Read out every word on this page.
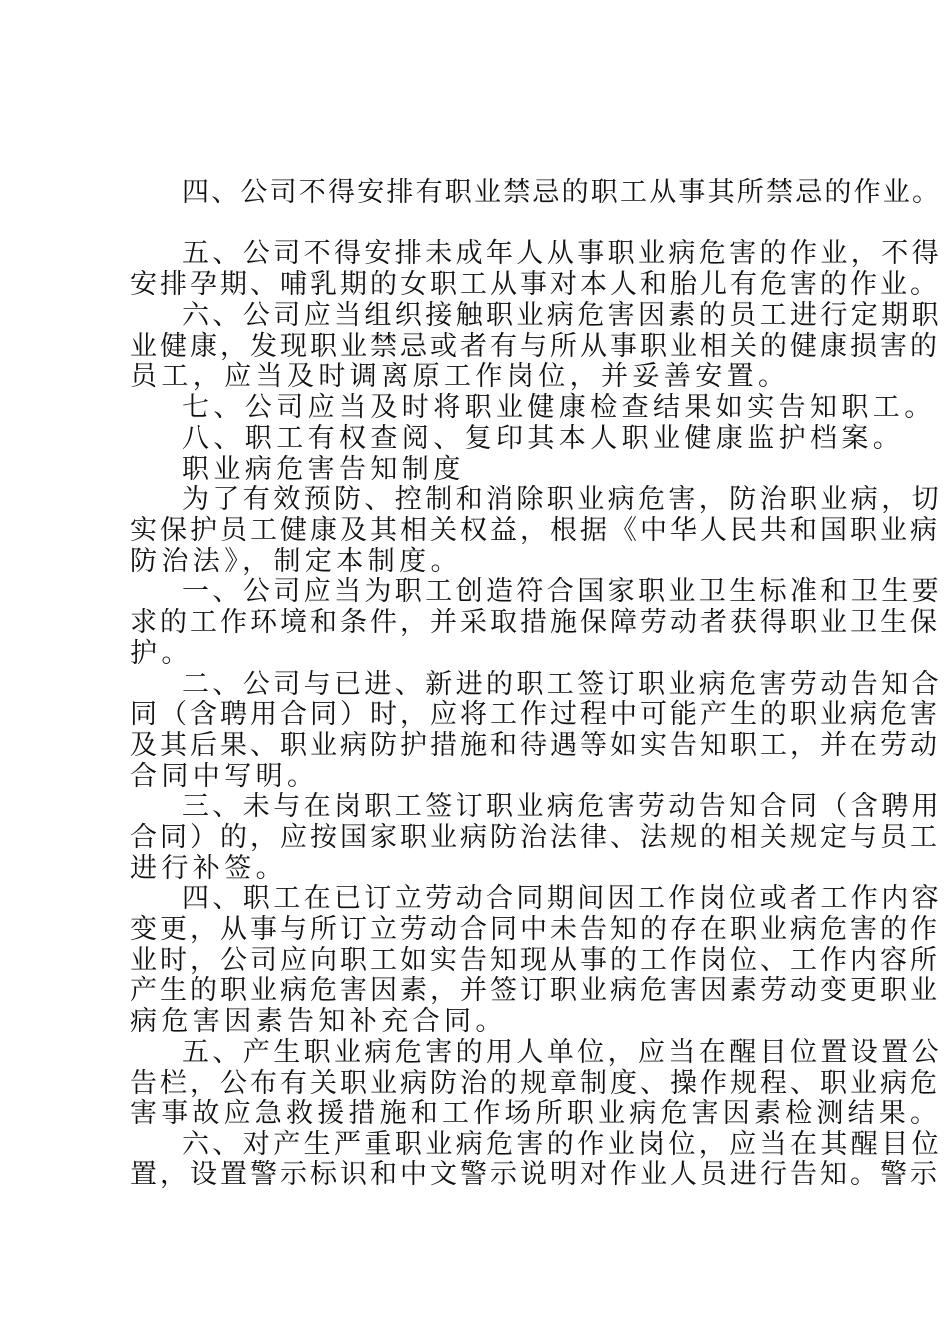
四、公司不得安排有职业禁忌的职工从事其所禁忌的作业。

五、公司不得安排未成年人从事职业病危害的作业，不得

安排孕期、哺乳期的女职工从事对本人和胎儿有危害的作业。

六、公司应当组织接触职业病危害因素的员工进行定期职

业健康，发现职业禁忌或者有与所从事职业相关的健康损害的

员工，应当及时调离原工作岗位，并妥善安置。

七、公司应当及时将职业健康检查结果如实告知职工。

八、职工有权查阅、复印其本人职业健康监护档案。

职业病危害告知制度

为了有效预防、控制和消除职业病危害，防治职业病，切

实保护员工健康及其相关权益，根据《中华人民共和国职业病

防治法》，制定本制度。

一、公司应当为职工创造符合国家职业卫生标准和卫生要

求的工作环境和条件，并采取措施保障劳动者获得职业卫生保

护。

二、公司与已进、新进的职工签订职业病危害劳动告知合

同（含聘用合同）时，应将工作过程中可能产生的职业病危害

及其后果、职业病防护措施和待遇等如实告知职工，并在劳动

合同中写明。

三、未与在岗职工签订职业病危害劳动告知合同（含聘用

合同）的，应按国家职业病防治法律、法规的相关规定与员工

进行补签。

四、职工在已订立劳动合同期间因工作岗位或者工作内容

变更，从事与所订立劳动合同中未告知的存在职业病危害的作

业时，公司应向职工如实告知现从事的工作岗位、工作内容所

产生的职业病危害因素，并签订职业病危害因素劳动变更职业

病危害因素告知补充合同。

五、产生职业病危害的用人单位，应当在醒目位置设置公

告栏，公布有关职业病防治的规章制度、操作规程、职业病危

害事故应急救援措施和工作场所职业病危害因素检测结果。

六、对产生严重职业病危害的作业岗位，应当在其醒目位

置，设置警示标识和中文警示说明对作业人员进行告知。警示
